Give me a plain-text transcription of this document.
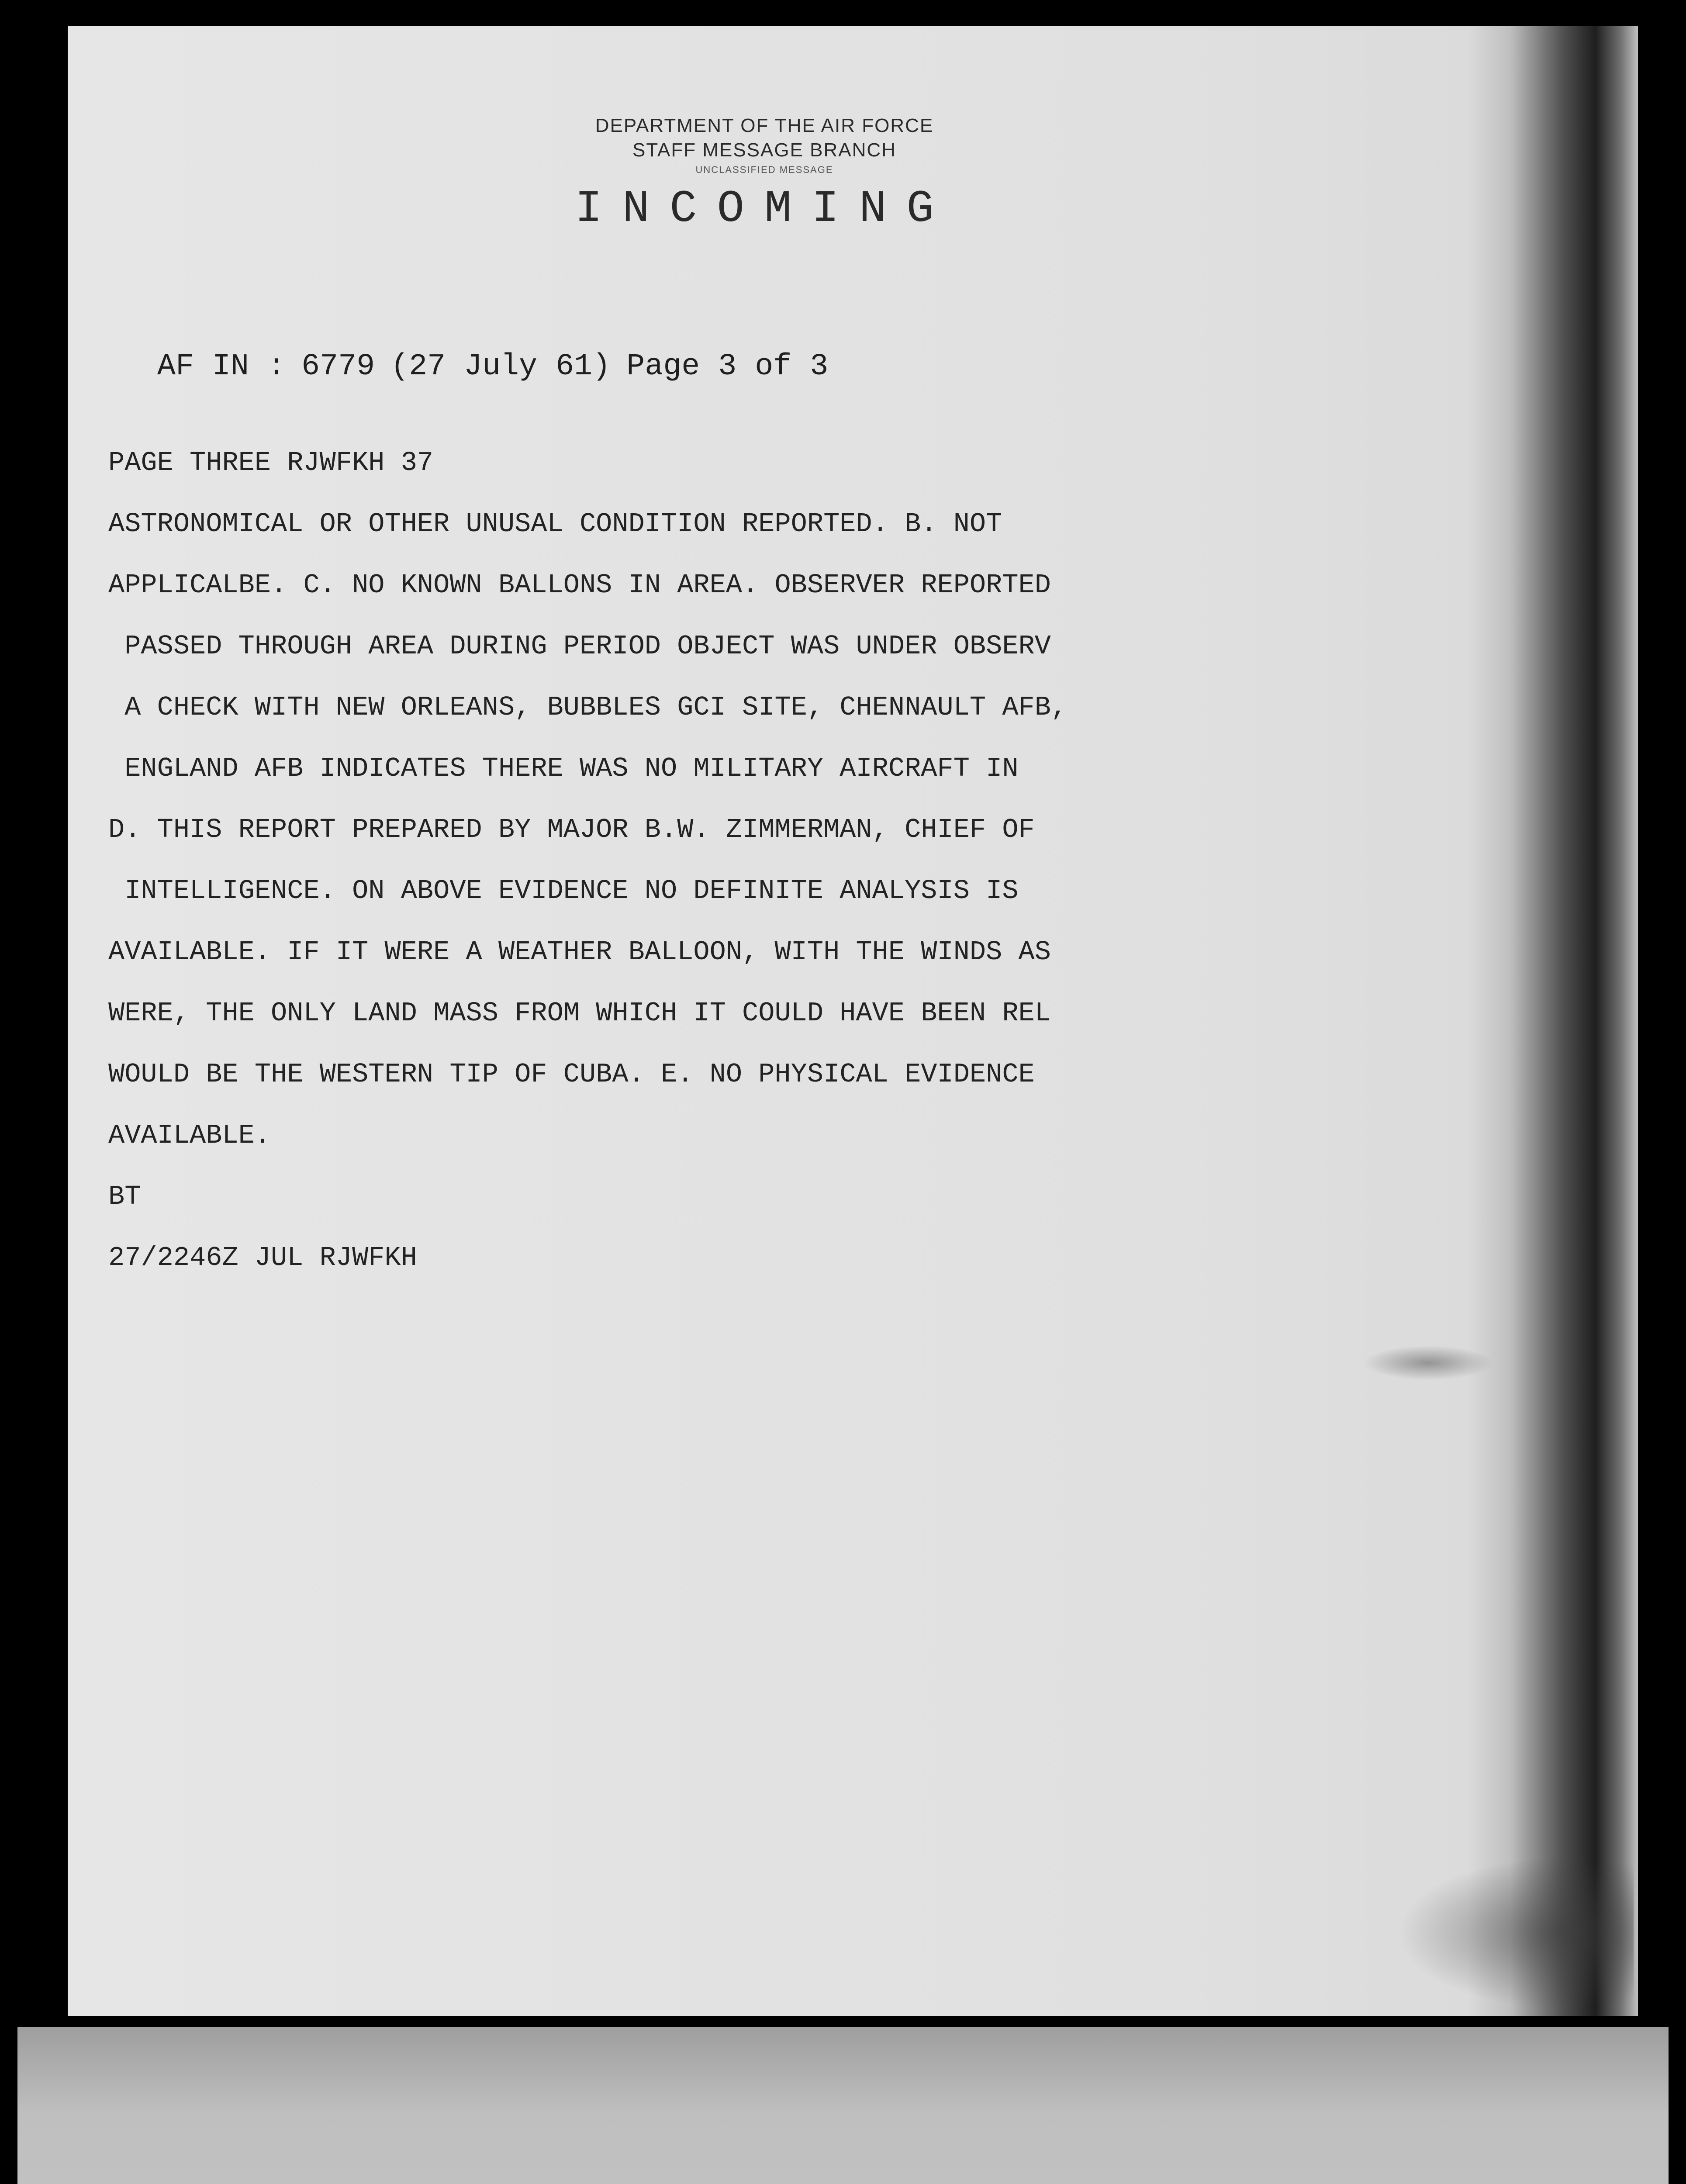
DEPARTMENT OF THE AIR FORCE
STAFF MESSAGE BRANCH
UNCLASSIFIED MESSAGE
INCOMING
AF IN : 6779 (27 July 61) Page 3 of 3
PAGE THREE RJWFKH 37
ASTRONOMICAL OR OTHER UNUSAL CONDITION REPORTED. B. NOT
APPLICALBE. C. NO KNOWN BALLONS IN AREA. OBSERVER REPORTED
PASSED THROUGH AREA DURING PERIOD OBJECT WAS UNDER OBSERV
A CHECK WITH NEW ORLEANS, BUBBLES GCI SITE, CHENNAULT AFB,
ENGLAND AFB INDICATES THERE WAS NO MILITARY AIRCRAFT IN
D. THIS REPORT PREPARED BY MAJOR B.W. ZIMMERMAN, CHIEF OF
INTELLIGENCE. ON ABOVE EVIDENCE NO DEFINITE ANALYSIS IS
AVAILABLE. IF IT WERE A WEATHER BALLOON, WITH THE WINDS AS
WERE, THE ONLY LAND MASS FROM WHICH IT COULD HAVE BEEN REL
WOULD BE THE WESTERN TIP OF CUBA. E. NO PHYSICAL EVIDENCE
AVAILABLE.
BT
27/2246Z JUL RJWFKH
